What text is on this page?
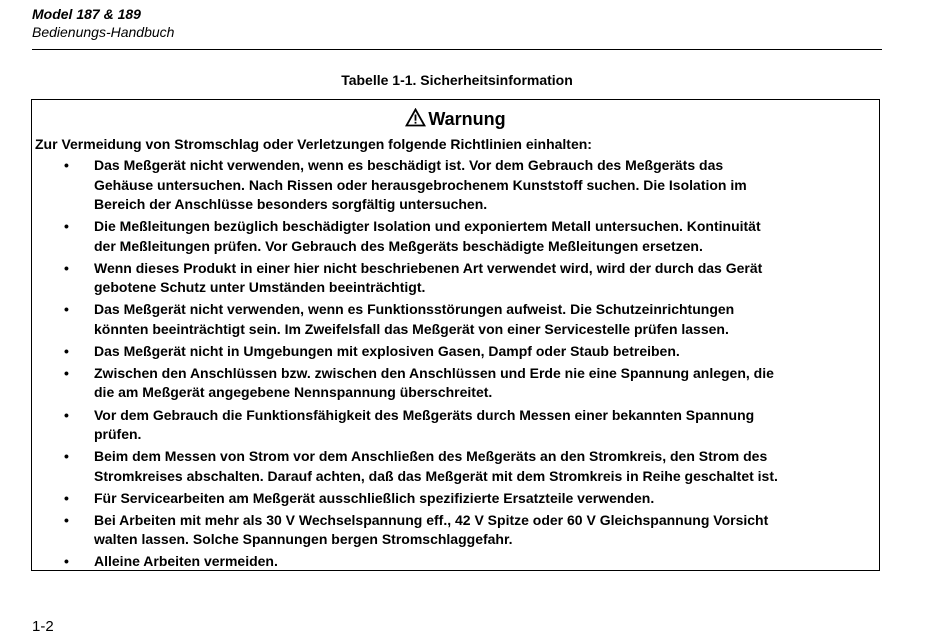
Model 187 & 189
Bedienungs-Handbuch
Tabelle 1-1. Sicherheitsinformation
Warnung
Zur Vermeidung von Stromschlag oder Verletzungen folgende Richtlinien einhalten:
• Das Meßgerät nicht verwenden, wenn es beschädigt ist. Vor dem Gebrauch des Meßgeräts das
Gehäuse untersuchen. Nach Rissen oder herausgebrochenem Kunststoff suchen. Die Isolation im
Bereich der Anschlüsse besonders sorgfältig untersuchen.
• Die Meßleitungen bezüglich beschädigter Isolation und exponiertem Metall untersuchen. Kontinuität
der Meßleitungen prüfen. Vor Gebrauch des Meßgeräts beschädigte Meßleitungen ersetzen.
• Wenn dieses Produkt in einer hier nicht beschriebenen Art verwendet wird, wird der durch das Gerät
gebotene Schutz unter Umständen beeinträchtigt.
• Das Meßgerät nicht verwenden, wenn es Funktionsstörungen aufweist. Die Schutzeinrichtungen
könnten beeinträchtigt sein. Im Zweifelsfall das Meßgerät von einer Servicestelle prüfen lassen.
• Das Meßgerät nicht in Umgebungen mit explosiven Gasen, Dampf oder Staub betreiben.
• Zwischen den Anschlüssen bzw. zwischen den Anschlüssen und Erde nie eine Spannung anlegen, die
die am Meßgerät angegebene Nennspannung überschreitet.
• Vor dem Gebrauch die Funktionsfähigkeit des Meßgeräts durch Messen einer bekannten Spannung
prüfen.
• Beim dem Messen von Strom vor dem Anschließen des Meßgeräts an den Stromkreis, den Strom des
Stromkreises abschalten. Darauf achten, daß das Meßgerät mit dem Stromkreis in Reihe geschaltet ist.
• Für Servicearbeiten am Meßgerät ausschließlich spezifizierte Ersatzteile verwenden.
• Bei Arbeiten mit mehr als 30 V Wechselspannung eff., 42 V Spitze oder 60 V Gleichspannung Vorsicht
walten lassen. Solche Spannungen bergen Stromschlaggefahr.
• Alleine Arbeiten vermeiden.
1-2
